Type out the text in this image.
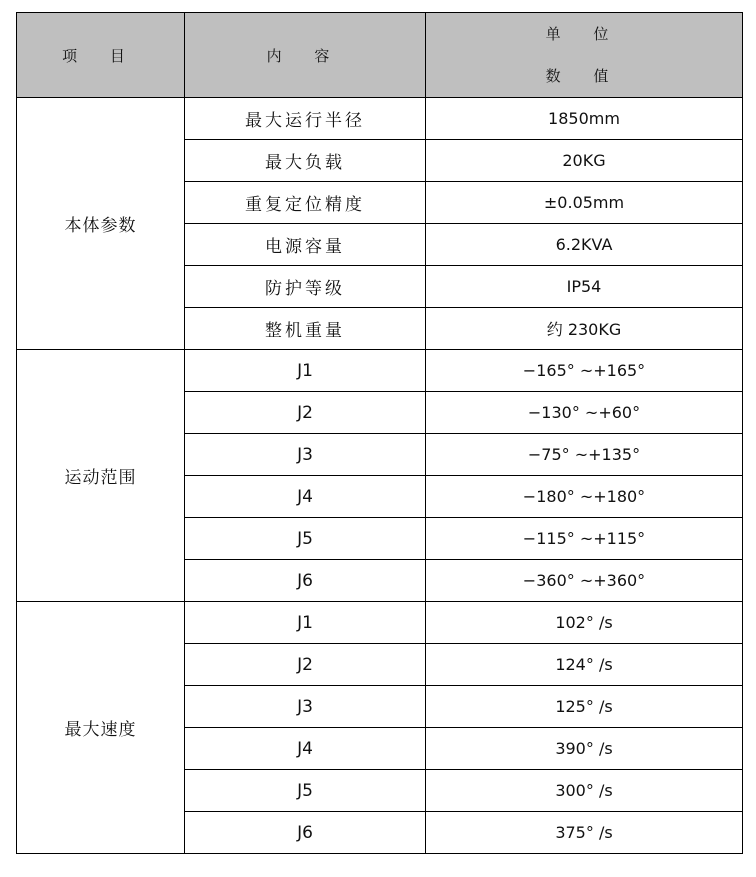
项 目	内 容	单 位
数 值

本体参数	最大运行半径	1850mm
	最大负载	20KG
	重复定位精度	±0.05mm
	电源容量	6.2KVA
	防护等级	IP54
	整机重量	约 230KG
运动范围	J1	−165° ~+165°
	J2	−130° ~+60°
	J3	−75° ~+135°
	J4	−180° ~+180°
	J5	−115° ~+115°
	J6	−360° ~+360°
最大速度	J1	102° /s
	J2	124° /s
	J3	125° /s
	J4	390° /s
	J5	300° /s
	J6	375° /s
